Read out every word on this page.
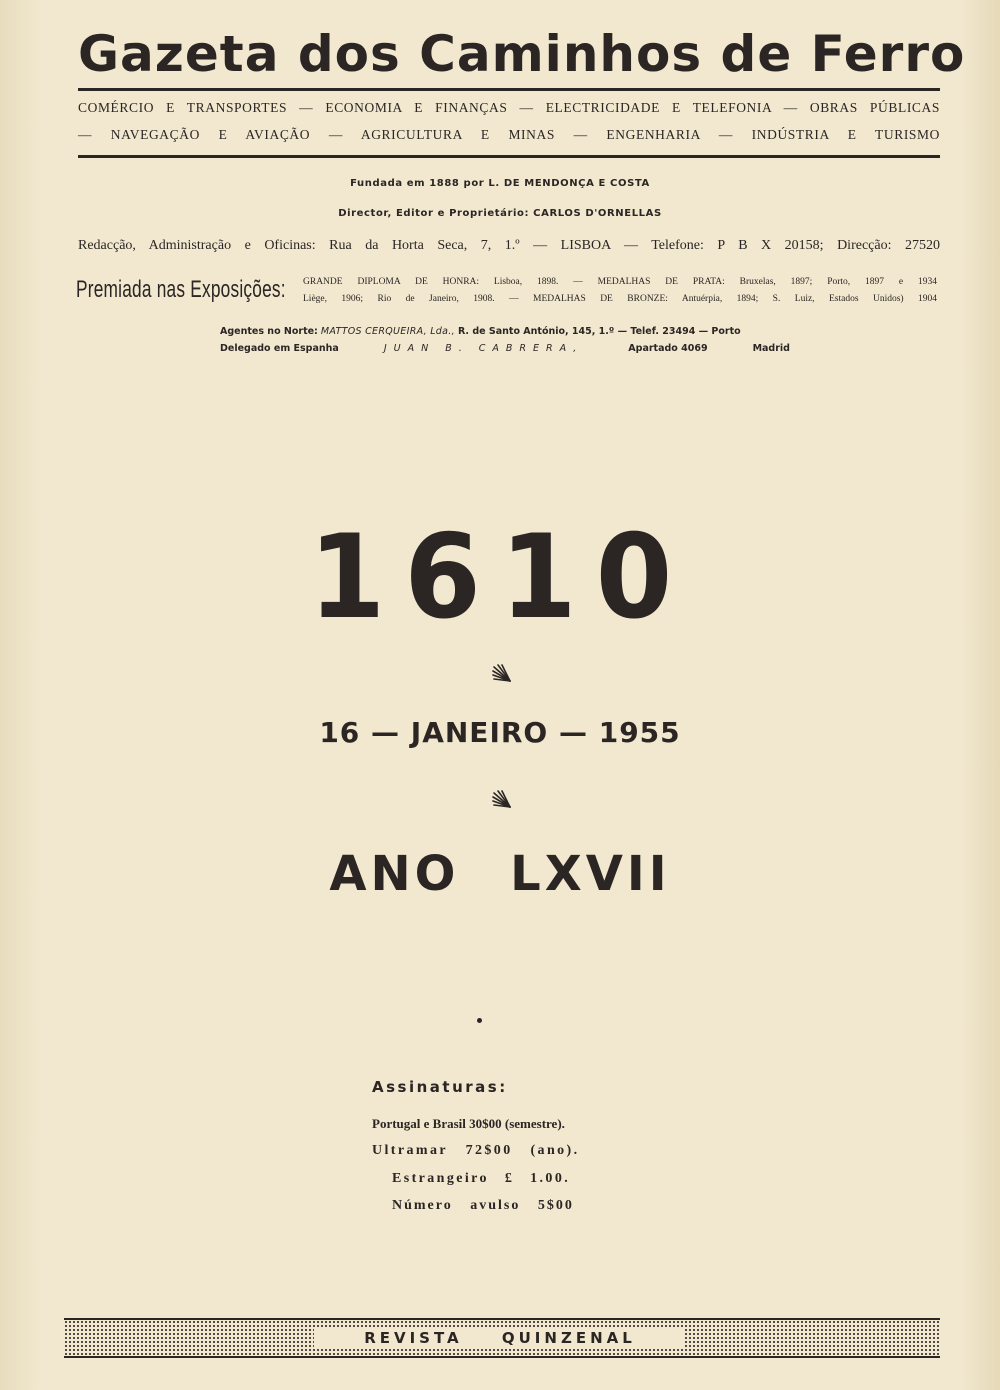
Gazeta dos Caminhos de Ferro
COMÉRCIO E TRANSPORTES — ECONOMIA E FINANÇAS — ELECTRICIDADE E TELEFONIA — OBRAS PÚBLICAS
— NAVEGAÇÃO E AVIAÇÃO — AGRICULTURA E MINAS — ENGENHARIA — INDÚSTRIA E TURISMO
Fundada em 1888 por L. DE MENDONÇA E COSTA
Director, Editor e Proprietário: CARLOS D'ORNELLAS
Redacção, Administração e Oficinas: Rua da Horta Seca, 7, 1.º — LISBOA — Telefone: P B X 20158; Direcção: 27520
Premiada nas Exposições: GRANDE DIPLOMA DE HONRA: Lisboa, 1898. — MEDALHAS DE PRATA: Bruxelas, 1897; Porto, 1897 e 1934
Liège, 1906; Rio de Janeiro, 1908. — MEDALHAS DE BRONZE: Antuérpia, 1894; S. Luiz, Estados Unidos) 1904
Agentes no Norte: MATTOS CERQUEIRA, Lda., R. de Santo António, 145, 1.º — Telef. 23494 — Porto
Delegado em Espanha	JUAN B. CABRERA,	Apartado 4069	Madrid
1610
16 — JANEIRO — 1955
ANO LXVII
Assinaturas:
Portugal e Brasil 30$00 (semestre).
Ultramar 72$00 (ano).
Estrangeiro £ 1.00.
Número avulso 5$00
REVISTA QUINZENAL
